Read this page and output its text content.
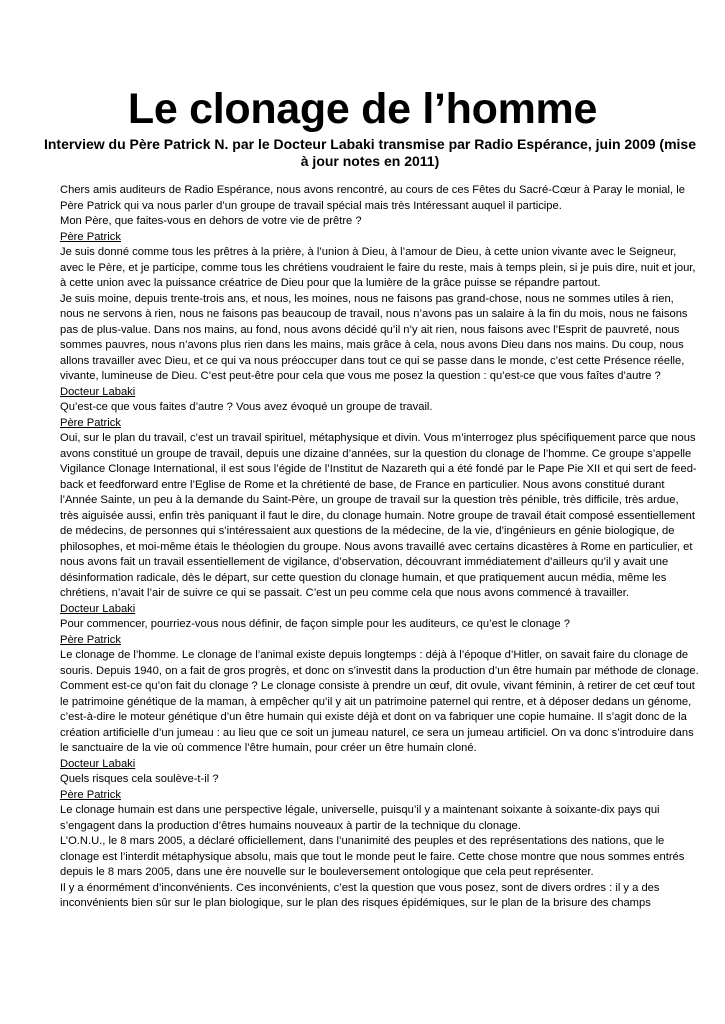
Le clonage de l’homme
Interview du Père Patrick N. par le Docteur Labaki transmise par Radio Espérance, juin 2009 (mise à jour notes en 2011)

Chers amis auditeurs de Radio Espérance, nous avons rencontré, au cours de ces Fêtes du Sacré-Cœur à Paray le monial, le Père Patrick qui va nous parler d’un groupe de travail spécial mais très Intéressant auquel il participe.

Mon Père, que faites-vous en dehors de votre vie de prêtre ?

Père Patrick

Je suis donné comme tous les prêtres à la prière, à l’union à Dieu, à l’amour de Dieu, à cette union vivante avec le Seigneur, avec le Père, et je participe, comme tous les chrétiens voudraient le faire du reste, mais à temps plein, si je puis dire, nuit et jour, à cette union avec la puissance créatrice de Dieu pour que la lumière de la grâce puisse se répandre partout.

Je suis moine, depuis trente-trois ans, et nous, les moines, nous ne faisons pas grand-chose, nous ne sommes utiles à rien, nous ne servons à rien, nous ne faisons pas beaucoup de travail, nous n’avons pas un salaire à la fin du mois, nous ne faisons pas de plus-value. Dans nos mains, au fond, nous avons décidé qu’il n’y ait rien, nous faisons avec l’Esprit de pauvreté, nous sommes pauvres, nous n’avons plus rien dans les mains, mais grâce à cela, nous avons Dieu dans nos mains. Du coup, nous allons travailler avec Dieu, et ce qui va nous préoccuper dans tout ce qui se passe dans le monde, c’est cette Présence réelle, vivante, lumineuse de Dieu. C’est peut-être pour cela que vous me posez la question : qu’est-ce que vous faîtes d’autre ?

Docteur Labaki

Qu’est-ce que vous faites d’autre ? Vous avez évoqué un groupe de travail.

Père Patrick

Oui, sur le plan du travail, c’est un travail spirituel, métaphysique et divin. Vous m’interrogez plus spécifiquement parce que nous avons constitué un groupe de travail, depuis une dizaine d’années, sur la question du clonage de l’homme. Ce groupe s’appelle Vigilance Clonage International, il est sous l’égide de l’Institut de Nazareth qui a été fondé par le Pape Pie XII et qui sert de feed-back et feedforward entre l’Eglise de Rome et la chrétienté de base, de France en particulier. Nous avons constitué durant l’Année Sainte, un peu à la demande du Saint-Père, un groupe de travail sur la question très pénible, très difficile, très ardue, très aiguisée aussi, enfin très paniquant il faut le dire, du clonage humain. Notre groupe de travail était composé essentiellement de médecins, de personnes qui s’intéressaient aux questions de la médecine, de la vie, d’ingénieurs en génie biologique, de philosophes, et moi-même étais le théologien du groupe. Nous avons travaillé avec certains dicastères à Rome en particulier, et nous avons fait un travail essentiellement de vigilance, d’observation, découvrant immédiatement d’ailleurs qu’il y avait une désinformation radicale, dès le départ, sur cette question du clonage humain, et que pratiquement aucun média, même les chrétiens, n’avait l’air de suivre ce qui se passait. C’est un peu comme cela que nous avons commencé à travailler.

Docteur Labaki

Pour commencer, pourriez-vous nous définir, de façon simple pour les auditeurs, ce qu’est le clonage ?

Père Patrick

Le clonage de l’homme. Le clonage de l’animal existe depuis longtemps : déjà à l’époque d’Hitler, on savait faire du clonage de souris. Depuis 1940, on a fait de gros progrès, et donc on s’investit dans la production d’un être humain par méthode de clonage.

Comment est-ce qu’on fait du clonage ? Le clonage consiste à prendre un œuf, dit ovule, vivant féminin, à retirer de cet œuf tout le patrimoine génétique de la maman, à empêcher qu’il y ait un patrimoine paternel qui rentre, et à déposer dedans un génome, c’est-à-dire le moteur génétique d’un être humain qui existe déjà et dont on va fabriquer une copie humaine. Il s’agit donc de la création artificielle d’un jumeau : au lieu que ce soit un jumeau naturel, ce sera un jumeau artificiel. On va donc s’introduire dans le sanctuaire de la vie où commence l’être humain, pour créer un être humain cloné.

Docteur Labaki

Quels risques cela soulève-t-il ?

Père Patrick

Le clonage humain est dans une perspective légale, universelle, puisqu’il y a maintenant soixante à soixante-dix pays qui s’engagent dans la production d’êtres humains nouveaux à partir de la technique du clonage.

L’O.N.U., le 8 mars 2005, a déclaré officiellement, dans l’unanimité des peuples et des représentations des nations, que le clonage est l’interdit métaphysique absolu, mais que tout le monde peut le faire. Cette chose montre que nous sommes entrés depuis le 8 mars 2005, dans une ère nouvelle sur le bouleversement ontologique que cela peut représenter.

Il y a énormément d’inconvénients. Ces inconvénients, c’est la question que vous posez, sont de divers ordres : il y a des inconvénients bien sûr sur le plan biologique, sur le plan des risques épidémiques, sur le plan de la brisure des champs
